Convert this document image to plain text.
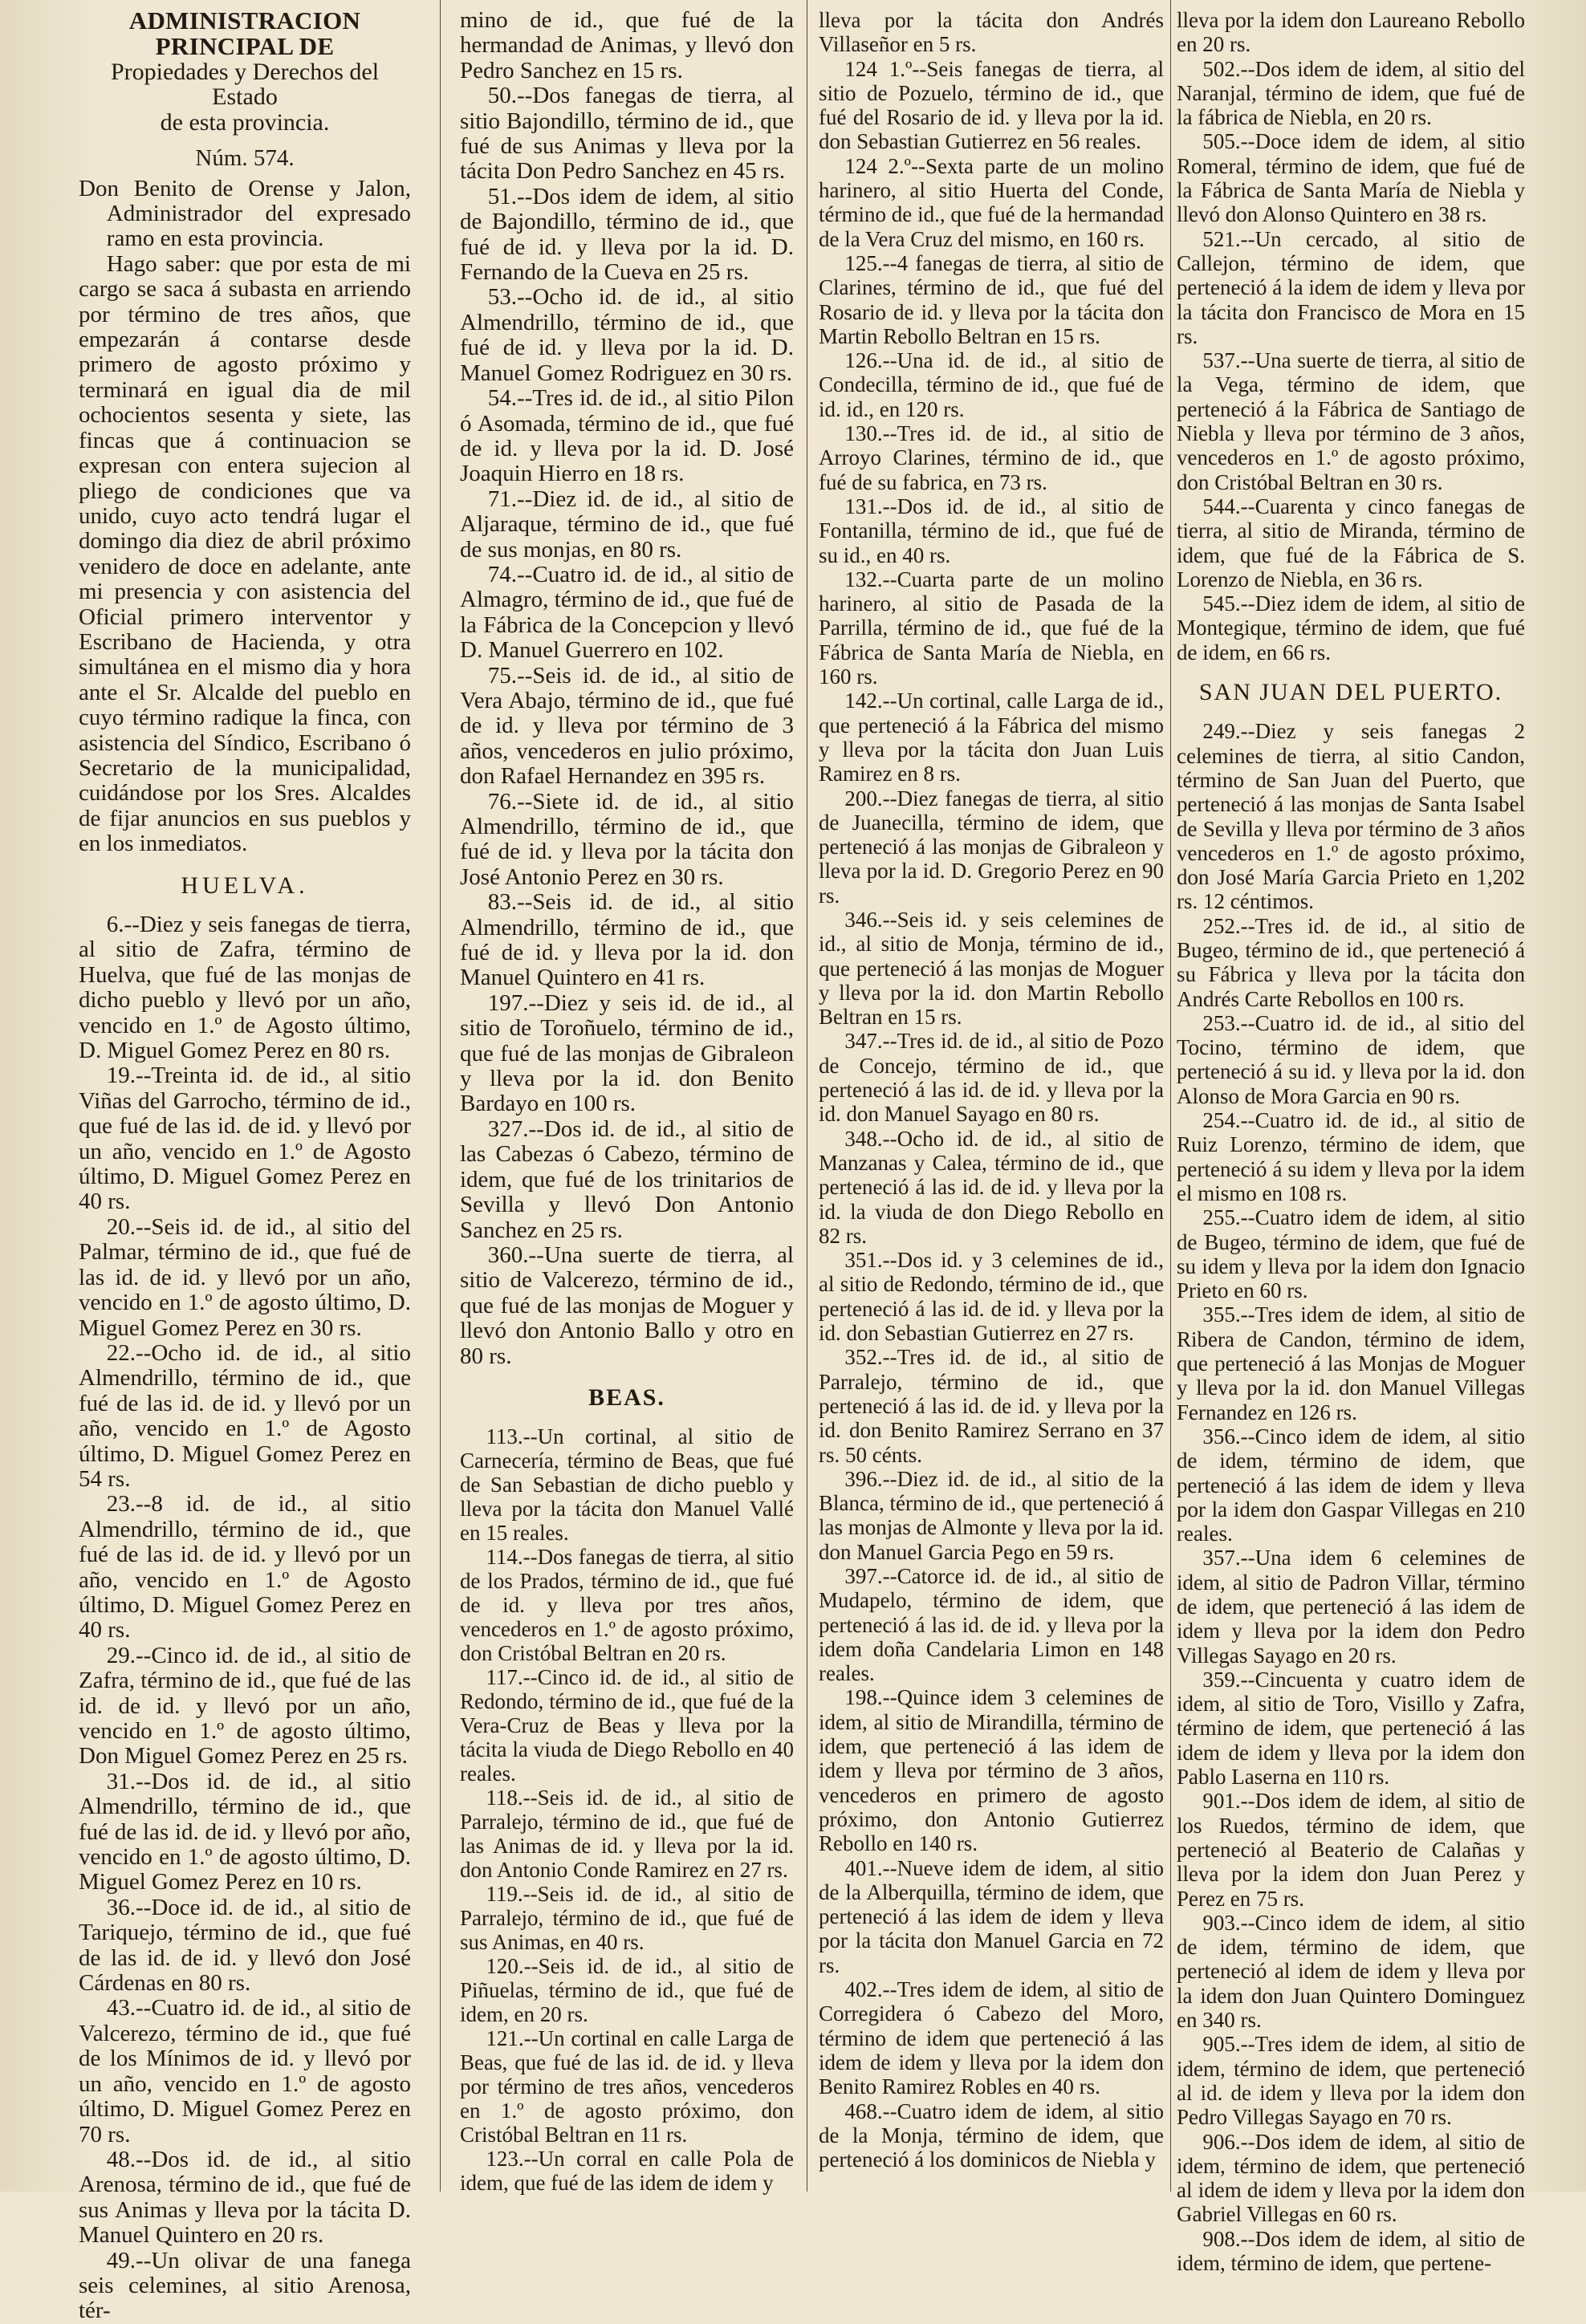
ADMINISTRACION PRINCIPAL DE

Propiedades y Derechos del Estado

de esta provincia.

Núm. 574.

Don Benito de Orense y Jalon, Administrador del expresado ramo en esta provincia.

Hago saber: que por esta de mi cargo se saca á subasta en arriendo por término de tres años, que empezarán á contarse desde primero de agosto próximo y terminará en igual dia de mil ochocientos sesenta y siete, las fincas que á continuacion se expresan con entera sujecion al pliego de condiciones que va unido, cuyo acto tendrá lugar el domingo dia diez de abril próximo venidero de doce en adelante, ante mi presencia y con asistencia del Oficial primero interventor y Escribano de Hacienda, y otra simultánea en el mismo dia y hora ante el Sr. Alcalde del pueblo en cuyo término radique la finca, con asistencia del Síndico, Escribano ó Secretario de la municipalidad, cuidándose por los Sres. Alcaldes de fijar anuncios en sus pueblos y en los inmediatos.

HUELVA.

6.--Diez y seis fanegas de tierra, al sitio de Zafra, término de Huelva, que fué de las monjas de dicho pueblo y llevó por un año, vencido en 1.º de Agosto último, D. Miguel Gomez Perez en 80 rs.

19.--Treinta id. de id., al sitio Viñas del Garrocho, término de id., que fué de las id. de id. y llevó por un año, vencido en 1.º de Agosto último, D. Miguel Gomez Perez en 40 rs.

20.--Seis id. de id., al sitio del Palmar, término de id., que fué de las id. de id. y llevó por un año, vencido en 1.º de agosto último, D. Miguel Gomez Perez en 30 rs.

22.--Ocho id. de id., al sitio Almendrillo, término de id., que fué de las id. de id. y llevó por un año, vencido en 1.º de Agosto último, D. Miguel Gomez Perez en 54 rs.

23.--8 id. de id., al sitio Almendrillo, término de id., que fué de las id. de id. y llevó por un año, vencido en 1.º de Agosto último, D. Miguel Gomez Perez en 40 rs.

29.--Cinco id. de id., al sitio de Zafra, término de id., que fué de las id. de id. y llevó por un año, vencido en 1.º de agosto último, Don Miguel Gomez Perez en 25 rs.

31.--Dos id. de id., al sitio Almendrillo, término de id., que fué de las id. de id. y llevó por año, vencido en 1.º de agosto último, D. Miguel Gomez Perez en 10 rs.

36.--Doce id. de id., al sitio de Tariquejo, término de id., que fué de las id. de id. y llevó don José Cárdenas en 80 rs.

43.--Cuatro id. de id., al sitio de Valcerezo, término de id., que fué de los Mínimos de id. y llevó por un año, vencido en 1.º de agosto último, D. Miguel Gomez Perez en 70 rs.

48.--Dos id. de id., al sitio Arenosa, término de id., que fué de sus Animas y lleva por la tácita D. Manuel Quintero en 20 rs.

49.--Un olivar de una fanega seis celemines, al sitio Arenosa, tér-

mino de id., que fué de la hermandad de Animas, y llevó don Pedro Sanchez en 15 rs.

50.--Dos fanegas de tierra, al sitio Bajondillo, término de id., que fué de sus Animas y lleva por la tácita Don Pedro Sanchez en 45 rs.

51.--Dos idem de idem, al sitio de Bajondillo, término de id., que fué de id. y lleva por la id. D. Fernando de la Cueva en 25 rs.

53.--Ocho id. de id., al sitio Almendrillo, término de id., que fué de id. y lleva por la id. D. Manuel Gomez Rodriguez en 30 rs.

54.--Tres id. de id., al sitio Pilon ó Asomada, término de id., que fué de id. y lleva por la id. D. José Joaquin Hierro en 18 rs.

71.--Diez id. de id., al sitio de Aljaraque, término de id., que fué de sus monjas, en 80 rs.

74.--Cuatro id. de id., al sitio de Almagro, término de id., que fué de la Fábrica de la Concepcion y llevó D. Manuel Guerrero en 102.

75.--Seis id. de id., al sitio de Vera Abajo, término de id., que fué de id. y lleva por término de 3 años, vencederos en julio próximo, don Rafael Hernandez en 395 rs.

76.--Siete id. de id., al sitio Almendrillo, término de id., que fué de id. y lleva por la tácita don José Antonio Perez en 30 rs.

83.--Seis id. de id., al sitio Almendrillo, término de id., que fué de id. y lleva por la id. don Manuel Quintero en 41 rs.

197.--Diez y seis id. de id., al sitio de Toroñuelo, término de id., que fué de las monjas de Gibraleon y lleva por la id. don Benito Bardayo en 100 rs.

327.--Dos id. de id., al sitio de las Cabezas ó Cabezo, término de idem, que fué de los trinitarios de Sevilla y llevó Don Antonio Sanchez en 25 rs.

360.--Una suerte de tierra, al sitio de Valcerezo, término de id., que fué de las monjas de Moguer y llevó don Antonio Ballo y otro en 80 rs.

BEAS.

113.--Un cortinal, al sitio de Carnecería, término de Beas, que fué de San Sebastian de dicho pueblo y lleva por la tácita don Manuel Vallé en 15 reales.

114.--Dos fanegas de tierra, al sitio de los Prados, término de id., que fué de id. y lleva por tres años, vencederos en 1.º de agosto próximo, don Cristóbal Beltran en 20 rs.

117.--Cinco id. de id., al sitio de Redondo, término de id., que fué de la Vera-Cruz de Beas y lleva por la tácita la viuda de Diego Rebollo en 40 reales.

118.--Seis id. de id., al sitio de Parralejo, término de id., que fué de las Animas de id. y lleva por la id. don Antonio Conde Ramirez en 27 rs.

119.--Seis id. de id., al sitio de Parralejo, término de id., que fué de sus Animas, en 40 rs.

120.--Seis id. de id., al sitio de Piñuelas, término de id., que fué de idem, en 20 rs.

121.--Un cortinal en calle Larga de Beas, que fué de las id. de id. y lleva por término de tres años, vencederos en 1.º de agosto próximo, don Cristóbal Beltran en 11 rs.

123.--Un corral en calle Pola de idem, que fué de las idem de idem y

lleva por la tácita don Andrés Villaseñor en 5 rs.

124 1.º--Seis fanegas de tierra, al sitio de Pozuelo, término de id., que fué del Rosario de id. y lleva por la id. don Sebastian Gutierrez en 56 reales.

124 2.º--Sexta parte de un molino harinero, al sitio Huerta del Conde, término de id., que fué de la hermandad de la Vera Cruz del mismo, en 160 rs.

125.--4 fanegas de tierra, al sitio de Clarines, término de id., que fué del Rosario de id. y lleva por la tácita don Martin Rebollo Beltran en 15 rs.

126.--Una id. de id., al sitio de Condecilla, término de id., que fué de id. id., en 120 rs.

130.--Tres id. de id., al sitio de Arroyo Clarines, término de id., que fué de su fabrica, en 73 rs.

131.--Dos id. de id., al sitio de Fontanilla, término de id., que fué de su id., en 40 rs.

132.--Cuarta parte de un molino harinero, al sitio de Pasada de la Parrilla, término de id., que fué de la Fábrica de Santa María de Niebla, en 160 rs.

142.--Un cortinal, calle Larga de id., que perteneció á la Fábrica del mismo y lleva por la tácita don Juan Luis Ramirez en 8 rs.

200.--Diez fanegas de tierra, al sitio de Juanecilla, término de idem, que perteneció á las monjas de Gibraleon y lleva por la id. D. Gregorio Perez en 90 rs.

346.--Seis id. y seis celemines de id., al sitio de Monja, término de id., que perteneció á las monjas de Moguer y lleva por la id. don Martin Rebollo Beltran en 15 rs.

347.--Tres id. de id., al sitio de Pozo de Concejo, término de id., que perteneció á las id. de id. y lleva por la id. don Manuel Sayago en 80 rs.

348.--Ocho id. de id., al sitio de Manzanas y Calea, término de id., que perteneció á las id. de id. y lleva por la id. la viuda de don Diego Rebollo en 82 rs.

351.--Dos id. y 3 celemines de id., al sitio de Redondo, término de id., que perteneció á las id. de id. y lleva por la id. don Sebastian Gutierrez en 27 rs.

352.--Tres id. de id., al sitio de Parralejo, término de id., que perteneció á las id. de id. y lleva por la id. don Benito Ramirez Serrano en 37 rs. 50 cénts.

396.--Diez id. de id., al sitio de la Blanca, término de id., que perteneció á las monjas de Almonte y lleva por la id. don Manuel Garcia Pego en 59 rs.

397.--Catorce id. de id., al sitio de Mudapelo, término de idem, que perteneció á las id. de id. y lleva por la idem doña Candelaria Limon en 148 reales.

198.--Quince idem 3 celemines de idem, al sitio de Mirandilla, término de idem, que perteneció á las idem de idem y lleva por término de 3 años, vencederos en primero de agosto próximo, don Antonio Gutierrez Rebollo en 140 rs.

401.--Nueve idem de idem, al sitio de la Alberquilla, término de idem, que perteneció á las idem de idem y lleva por la tácita don Manuel Garcia en 72 rs.

402.--Tres idem de idem, al sitio de Corregidera ó Cabezo del Moro, término de idem que perteneció á las idem de idem y lleva por la idem don Benito Ramirez Robles en 40 rs.

468.--Cuatro idem de idem, al sitio de la Monja, término de idem, que perteneció á los dominicos de Niebla y

lleva por la idem don Laureano Rebollo en 20 rs.

502.--Dos idem de idem, al sitio del Naranjal, término de idem, que fué de la fábrica de Niebla, en 20 rs.

505.--Doce idem de idem, al sitio Romeral, término de idem, que fué de la Fábrica de Santa María de Niebla y llevó don Alonso Quintero en 38 rs.

521.--Un cercado, al sitio de Callejon, término de idem, que perteneció á la idem de idem y lleva por la tácita don Francisco de Mora en 15 rs.

537.--Una suerte de tierra, al sitio de la Vega, término de idem, que perteneció á la Fábrica de Santiago de Niebla y lleva por término de 3 años, vencederos en 1.º de agosto próximo, don Cristóbal Beltran en 30 rs.

544.--Cuarenta y cinco fanegas de tierra, al sitio de Miranda, término de idem, que fué de la Fábrica de S. Lorenzo de Niebla, en 36 rs.

545.--Diez idem de idem, al sitio de Montegique, término de idem, que fué de idem, en 66 rs.

SAN JUAN DEL PUERTO.

249.--Diez y seis fanegas 2 celemines de tierra, al sitio Candon, término de San Juan del Puerto, que perteneció á las monjas de Santa Isabel de Sevilla y lleva por término de 3 años vencederos en 1.º de agosto próximo, don José María Garcia Prieto en 1,202 rs. 12 céntimos.

252.--Tres id. de id., al sitio de Bugeo, término de id., que perteneció á su Fábrica y lleva por la tácita don Andrés Carte Rebollos en 100 rs.

253.--Cuatro id. de id., al sitio del Tocino, término de idem, que perteneció á su id. y lleva por la id. don Alonso de Mora Garcia en 90 rs.

254.--Cuatro id. de id., al sitio de Ruiz Lorenzo, término de idem, que perteneció á su idem y lleva por la idem el mismo en 108 rs.

255.--Cuatro idem de idem, al sitio de Bugeo, término de idem, que fué de su idem y lleva por la idem don Ignacio Prieto en 60 rs.

355.--Tres idem de idem, al sitio de Ribera de Candon, término de idem, que perteneció á las Monjas de Moguer y lleva por la id. don Manuel Villegas Fernandez en 126 rs.

356.--Cinco idem de idem, al sitio de idem, término de idem, que perteneció á las idem de idem y lleva por la idem don Gaspar Villegas en 210 reales.

357.--Una idem 6 celemines de idem, al sitio de Padron Villar, término de idem, que perteneció á las idem de idem y lleva por la idem don Pedro Villegas Sayago en 20 rs.

359.--Cincuenta y cuatro idem de idem, al sitio de Toro, Visillo y Zafra, término de idem, que perteneció á las idem de idem y lleva por la idem don Pablo Laserna en 110 rs.

901.--Dos idem de idem, al sitio de los Ruedos, término de idem, que perteneció al Beaterio de Calañas y lleva por la idem don Juan Perez y Perez en 75 rs.

903.--Cinco idem de idem, al sitio de idem, término de idem, que perteneció al idem de idem y lleva por la idem don Juan Quintero Dominguez en 340 rs.

905.--Tres idem de idem, al sitio de idem, término de idem, que perteneció al id. de idem y lleva por la idem don Pedro Villegas Sayago en 70 rs.

906.--Dos idem de idem, al sitio de idem, término de idem, que perteneció al idem de idem y lleva por la idem don Gabriel Villegas en 60 rs.

908.--Dos idem de idem, al sitio de idem, término de idem, que pertene-
